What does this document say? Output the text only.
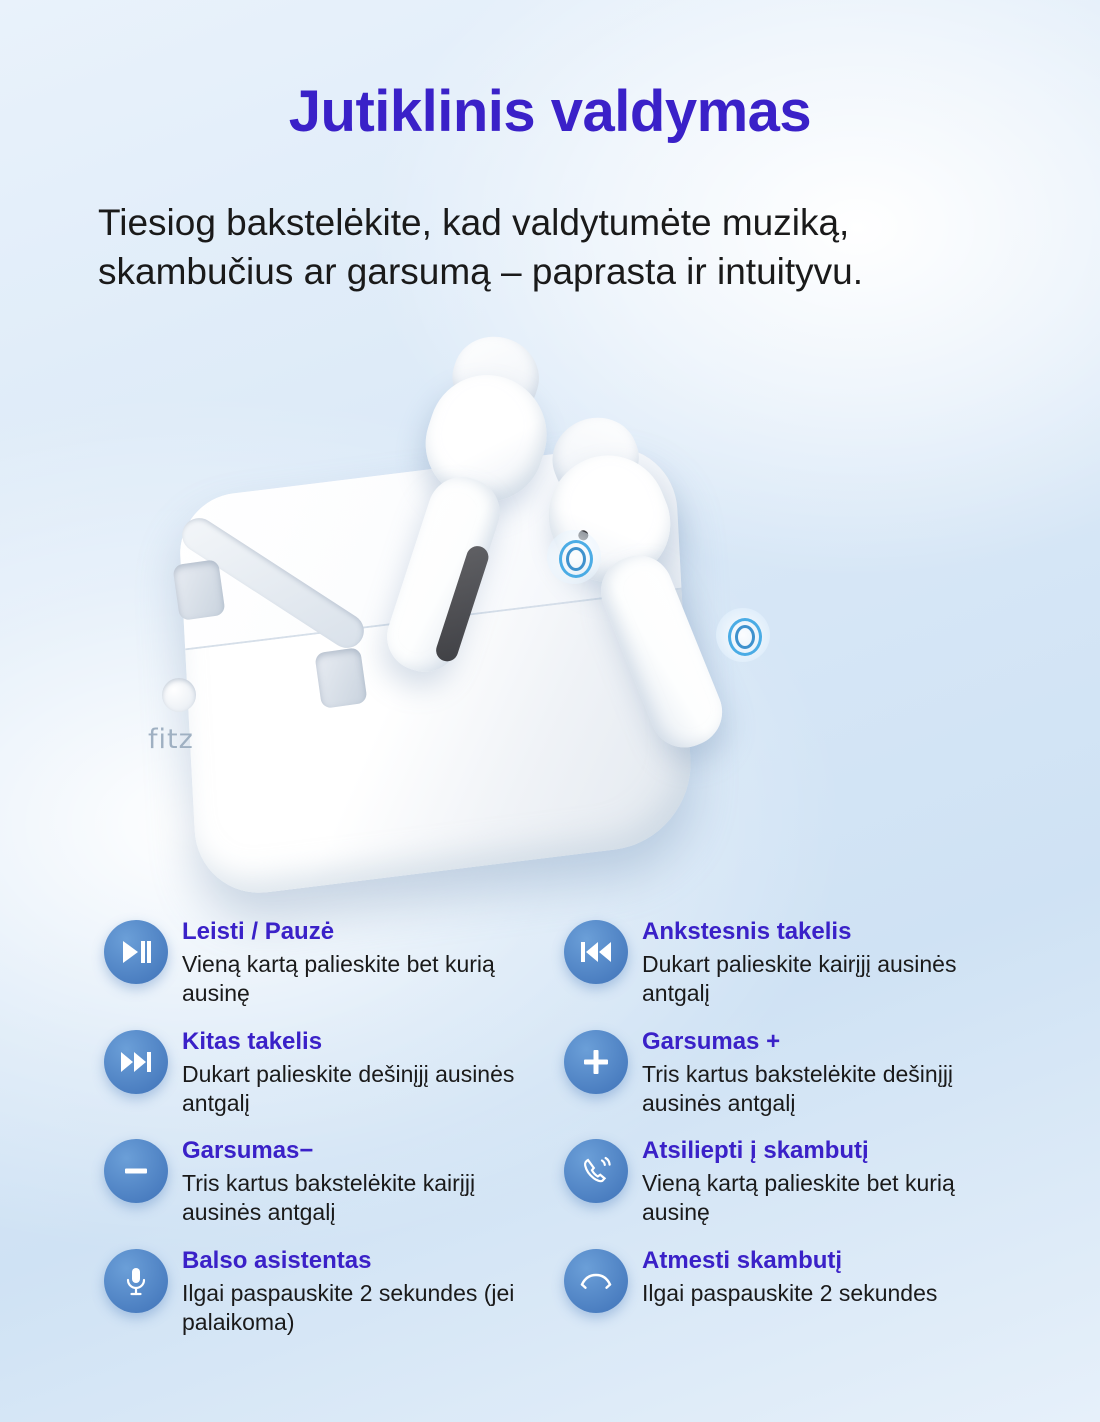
Jutiklinis valdymas
Tiesiog bakstelėkite, kad valdytumėte muziką, skambučius ar garsumą – paprasta ir intuityvu.
fitz
Leisti / Pauzė
Vieną kartą palieskite bet kurią ausinę
Ankstesnis takelis
Dukart palieskite kairįjį ausinės antgalį
Kitas takelis
Dukart palieskite dešinįjį ausinės antgalį
Garsumas +
Tris kartus bakstelėkite dešinįjį ausinės antgalį
Garsumas−
Tris kartus bakstelėkite kairįjį ausinės antgalį
Atsiliepti į skambutį
Vieną kartą palieskite bet kurią ausinę
Balso asistentas
Ilgai paspauskite 2 sekundes (jei palaikoma)
Atmesti skambutį
Ilgai paspauskite 2 sekundes
